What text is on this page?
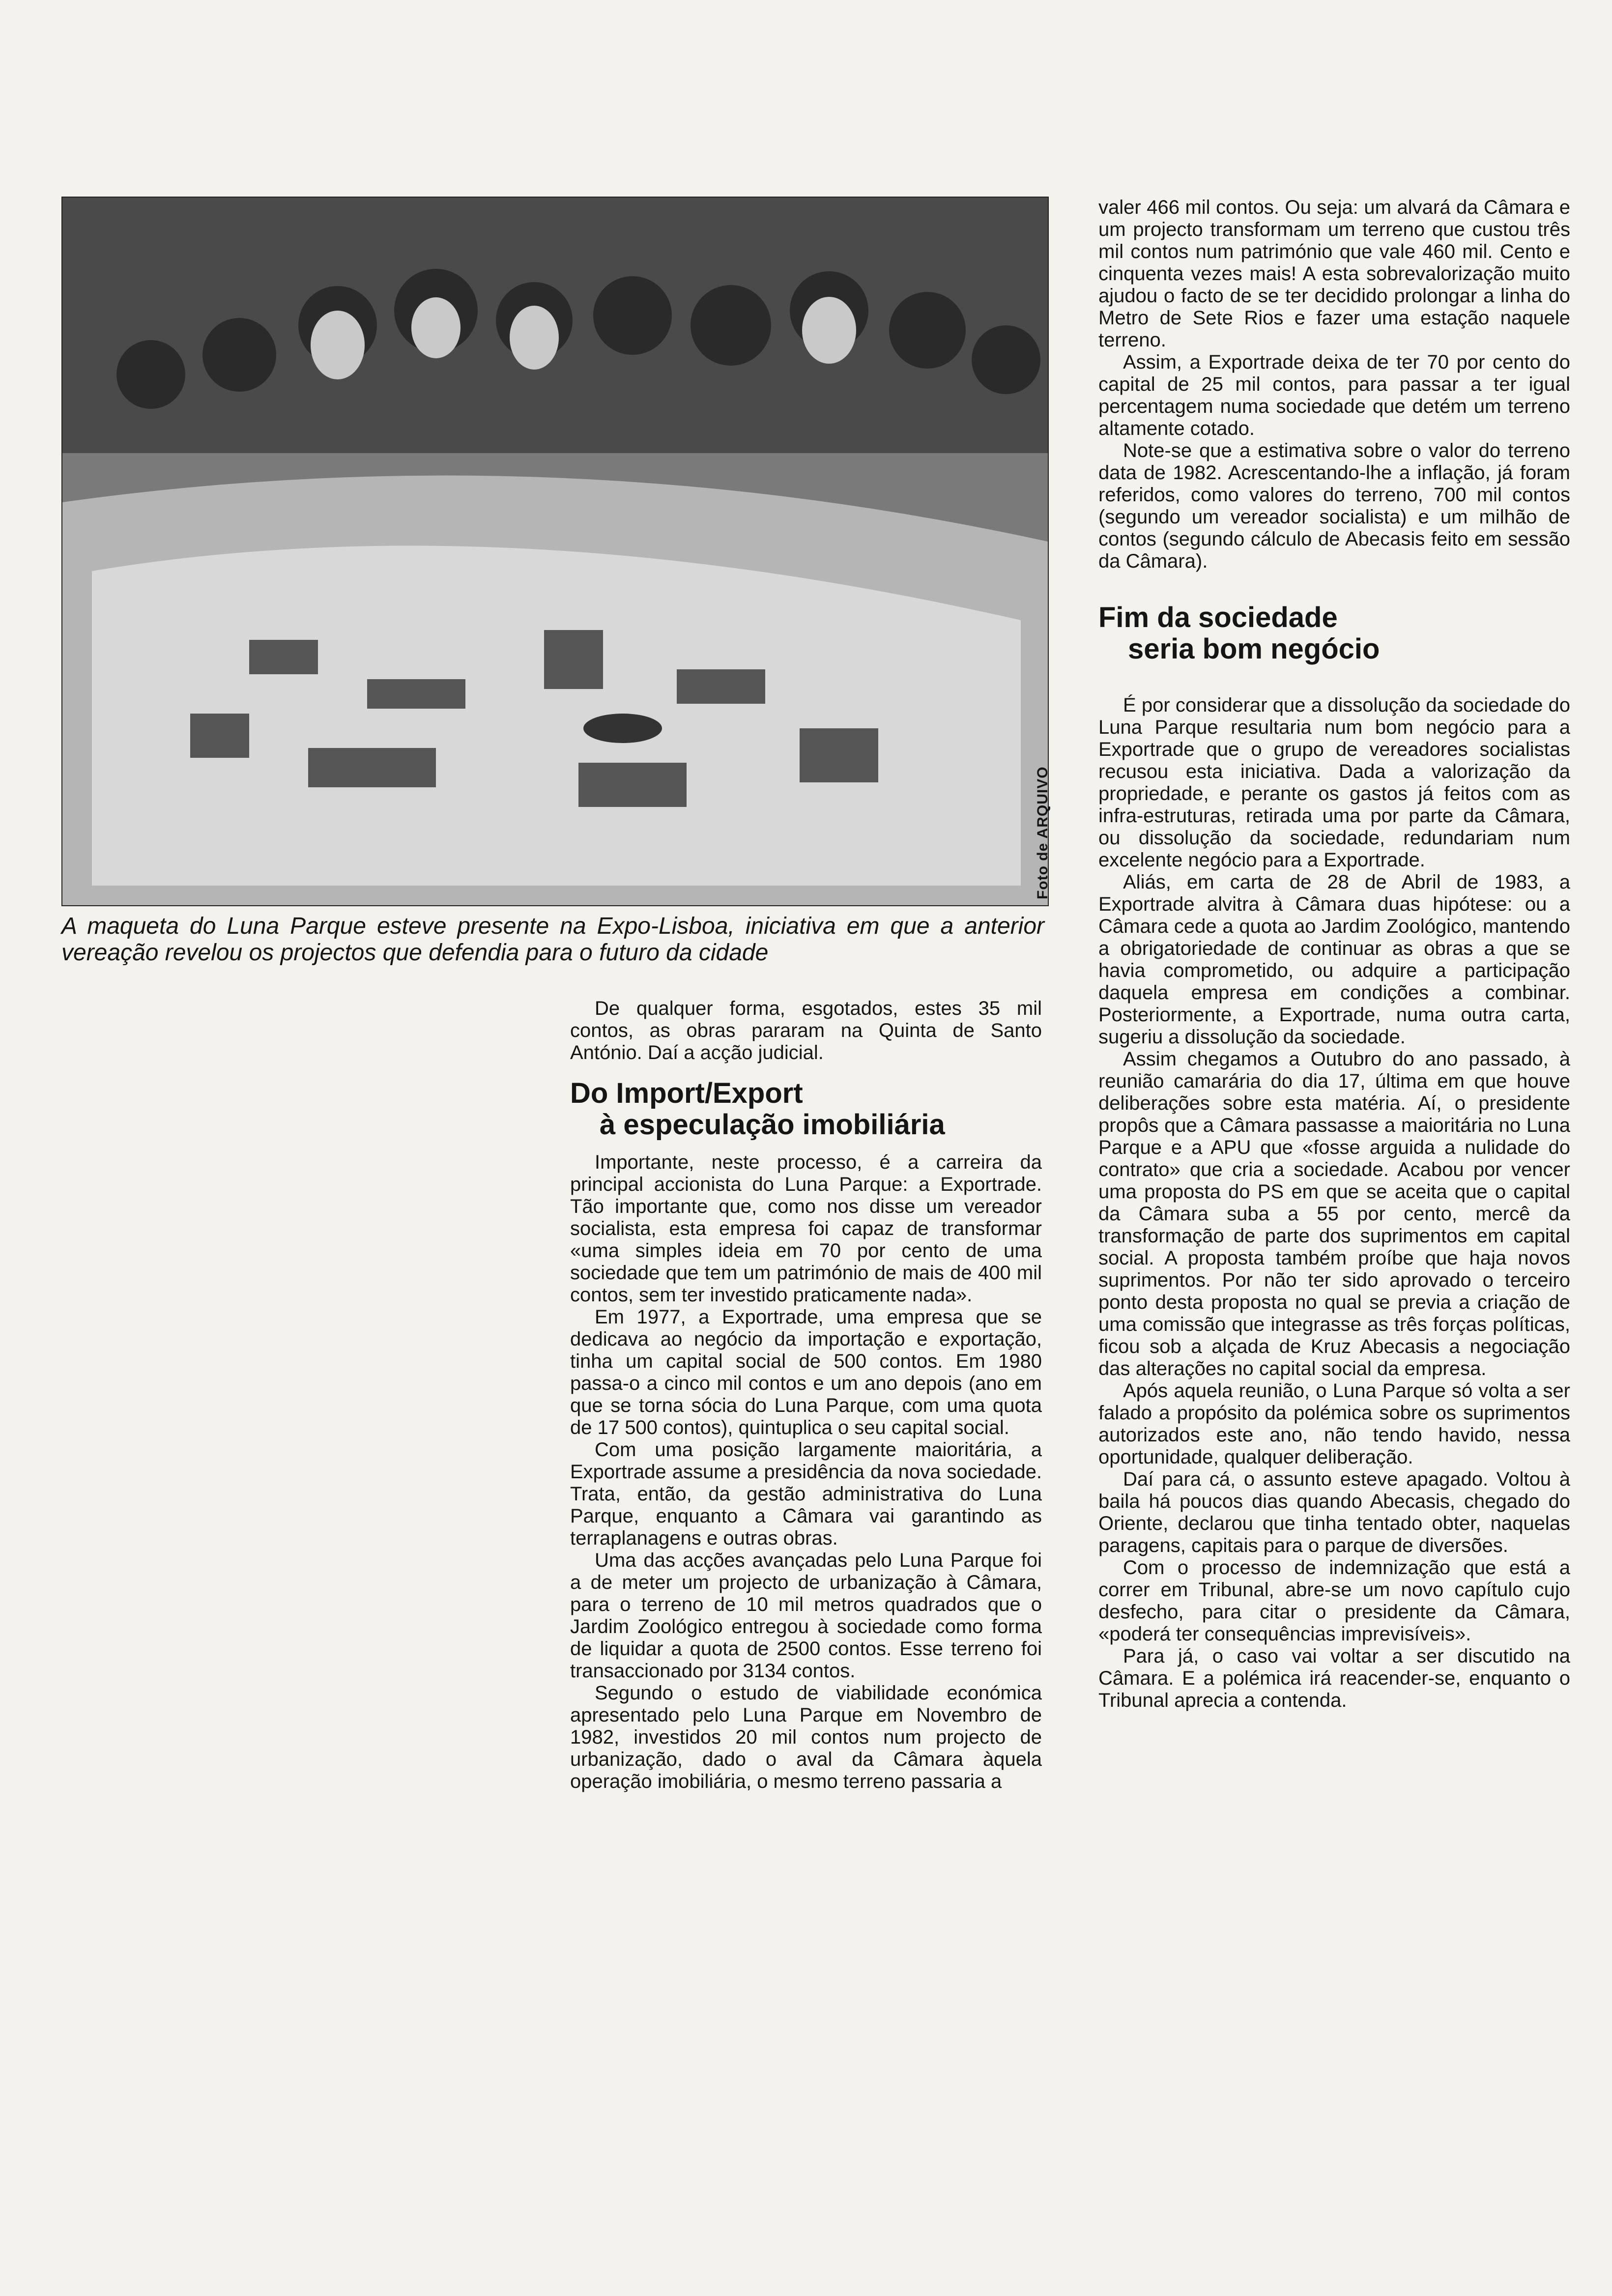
Foto de ARQUIVO
A maqueta do Luna Parque esteve presente na Expo-Lisboa, iniciativa em que a anterior vereação revelou os projectos que defendia para o futuro da cidade

De qualquer forma, esgotados, estes 35 mil contos, as obras pararam na Quinta de Santo António. Daí a acção judicial.

Do Import/Export
à especulação imobiliária

Importante, neste processo, é a carreira da principal accionista do Luna Parque: a Exportrade. Tão importante que, como nos disse um vereador socialista, esta empresa foi capaz de transformar «uma simples ideia em 70 por cento de uma sociedade que tem um património de mais de 400 mil contos, sem ter investido praticamente nada».

Em 1977, a Exportrade, uma empresa que se dedicava ao negócio da importação e exportação, tinha um capital social de 500 contos. Em 1980 passa-o a cinco mil contos e um ano depois (ano em que se torna sócia do Luna Parque, com uma quota de 17 500 contos), quintuplica o seu capital social.

Com uma posição largamente maioritária, a Exportrade assume a presidência da nova sociedade. Trata, então, da gestão administrativa do Luna Parque, enquanto a Câmara vai garantindo as terraplanagens e outras obras.

Uma das acções avançadas pelo Luna Parque foi a de meter um projecto de urbanização à Câmara, para o terreno de 10 mil metros quadrados que o Jardim Zoológico entregou à sociedade como forma de liquidar a quota de 2500 contos. Esse terreno foi transaccionado por 3134 contos.

Segundo o estudo de viabilidade económica apresentado pelo Luna Parque em Novembro de 1982, investidos 20 mil contos num projecto de urbanização, dado o aval da Câmara àquela operação imobiliária, o mesmo terreno passaria a

valer 466 mil contos. Ou seja: um alvará da Câmara e um projecto transformam um terreno que custou três mil contos num património que vale 460 mil. Cento e cinquenta vezes mais! A esta sobrevalorização muito ajudou o facto de se ter decidido prolongar a linha do Metro de Sete Rios e fazer uma estação naquele terreno.

Assim, a Exportrade deixa de ter 70 por cento do capital de 25 mil contos, para passar a ter igual percentagem numa sociedade que detém um terreno altamente cotado.

Note-se que a estimativa sobre o valor do terreno data de 1982. Acrescentando-lhe a inflação, já foram referidos, como valores do terreno, 700 mil contos (segundo um vereador socialista) e um milhão de contos (segundo cálculo de Abecasis feito em sessão da Câmara).

Fim da sociedade
seria bom negócio

É por considerar que a dissolução da sociedade do Luna Parque resultaria num bom negócio para a Exportrade que o grupo de vereadores socialistas recusou esta iniciativa. Dada a valorização da propriedade, e perante os gastos já feitos com as infra-estruturas, retirada uma por parte da Câmara, ou dissolução da sociedade, redundariam num excelente negócio para a Exportrade.

Aliás, em carta de 28 de Abril de 1983, a Exportrade alvitra à Câmara duas hipótese: ou a Câmara cede a quota ao Jardim Zoológico, mantendo a obrigatoriedade de continuar as obras a que se havia comprometido, ou adquire a participação daquela empresa em condições a combinar. Posteriormente, a Exportrade, numa outra carta, sugeriu a dissolução da sociedade.

Assim chegamos a Outubro do ano passado, à reunião camarária do dia 17, última em que houve deliberações sobre esta matéria. Aí, o presidente propôs que a Câmara passasse a maioritária no Luna Parque e a APU que «fosse arguida a nulidade do contrato» que cria a sociedade. Acabou por vencer uma proposta do PS em que se aceita que o capital da Câmara suba a 55 por cento, mercê da transformação de parte dos suprimentos em capital social. A proposta também proíbe que haja novos suprimentos. Por não ter sido aprovado o terceiro ponto desta proposta no qual se previa a criação de uma comissão que integrasse as três forças políticas, ficou sob a alçada de Kruz Abecasis a negociação das alterações no capital social da empresa.

Após aquela reunião, o Luna Parque só volta a ser falado a propósito da polémica sobre os suprimentos autorizados este ano, não tendo havido, nessa oportunidade, qualquer deliberação.

Daí para cá, o assunto esteve apagado. Voltou à baila há poucos dias quando Abecasis, chegado do Oriente, declarou que tinha tentado obter, naquelas paragens, capitais para o parque de diversões.

Com o processo de indemnização que está a correr em Tribunal, abre-se um novo capítulo cujo desfecho, para citar o presidente da Câmara, «poderá ter consequências imprevisíveis».

Para já, o caso vai voltar a ser discutido na Câmara. E a polémica irá reacender-se, enquanto o Tribunal aprecia a contenda.
